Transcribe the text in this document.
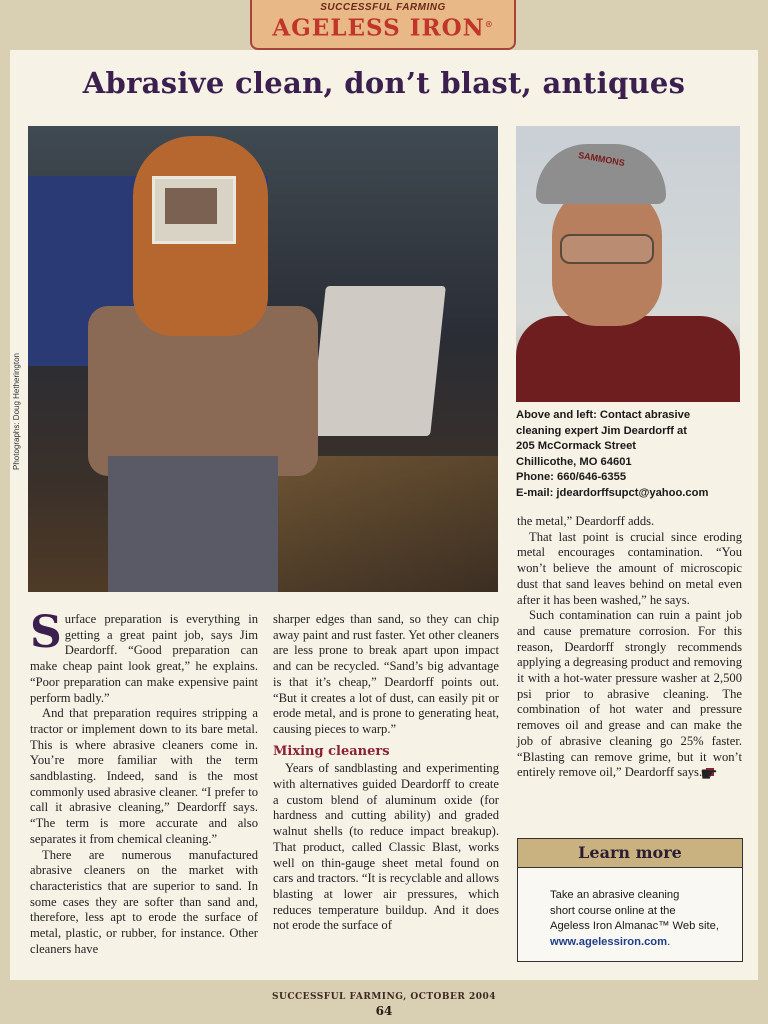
SUCCESSFUL FARMING
AGELESS IRON®
Abrasive clean, don’t blast, antiques
Photographs: Doug Hetherington
SAMMONS
Above and left: Contact abrasive
cleaning expert Jim Deardorff at
205 McCormack Street
Chillicothe, MO 64601
Phone: 660/646-6355
E-mail: jdeardorffsupct@yahoo.com

Surface preparation is everything in getting a great paint job, says Jim Deardorff. “Good preparation can make cheap paint look great,” he explains. “Poor preparation can make expensive paint perform badly.”

And that preparation requires stripping a tractor or implement down to its bare metal. This is where abrasive cleaners come in. You’re more familiar with the term sandblasting. Indeed, sand is the most commonly used abrasive cleaner. “I prefer to call it abrasive cleaning,” Deardorff says. “The term is more accurate and also separates it from chemical cleaning.”

There are numerous manufactured abrasive cleaners on the market with characteristics that are superior to sand. In some cases they are softer than sand and, therefore, less apt to erode the surface of metal, plastic, or rubber, for instance. Other cleaners have

sharper edges than sand, so they can chip away paint and rust faster. Yet other cleaners are less prone to break apart upon impact and can be recycled. “Sand’s big advantage is that it’s cheap,” Deardorff points out. “But it creates a lot of dust, can easily pit or erode metal, and is prone to generating heat, causing pieces to warp.”

Mixing cleaners

Years of sandblasting and experimenting with alternatives guided Deardorff to create a custom blend of aluminum oxide (for hardness and cutting ability) and graded walnut shells (to reduce impact breakup). That product, called Classic Blast, works well on thin-gauge sheet metal found on cars and tractors. “It is recyclable and allows blasting at lower air pressures, which reduces temperature buildup. And it does not erode the surface of

the metal,” Deardorff adds.

That last point is crucial since eroding metal encourages contamination. “You won’t believe the amount of microscopic dust that sand leaves behind on metal even after it has been washed,” he says.

Such contamination can ruin a paint job and cause premature corrosion. For this reason, Deardorff strongly recommends applying a degreasing product and removing it with a hot-water pressure washer at 2,500 psi prior to abrasive cleaning. The combination of hot water and pressure removes oil and grease and can make the job of abrasive cleaning go 25% faster. “Blasting can remove grime, but it won’t entirely remove oil,” Deardorff says.

Learn more
Take an abrasive cleaning
short course online at the
Ageless Iron Almanac™ Web site,
www.agelessiron.com.
☛
SUCCESSFUL FARMING, OCTOBER 2004
64
